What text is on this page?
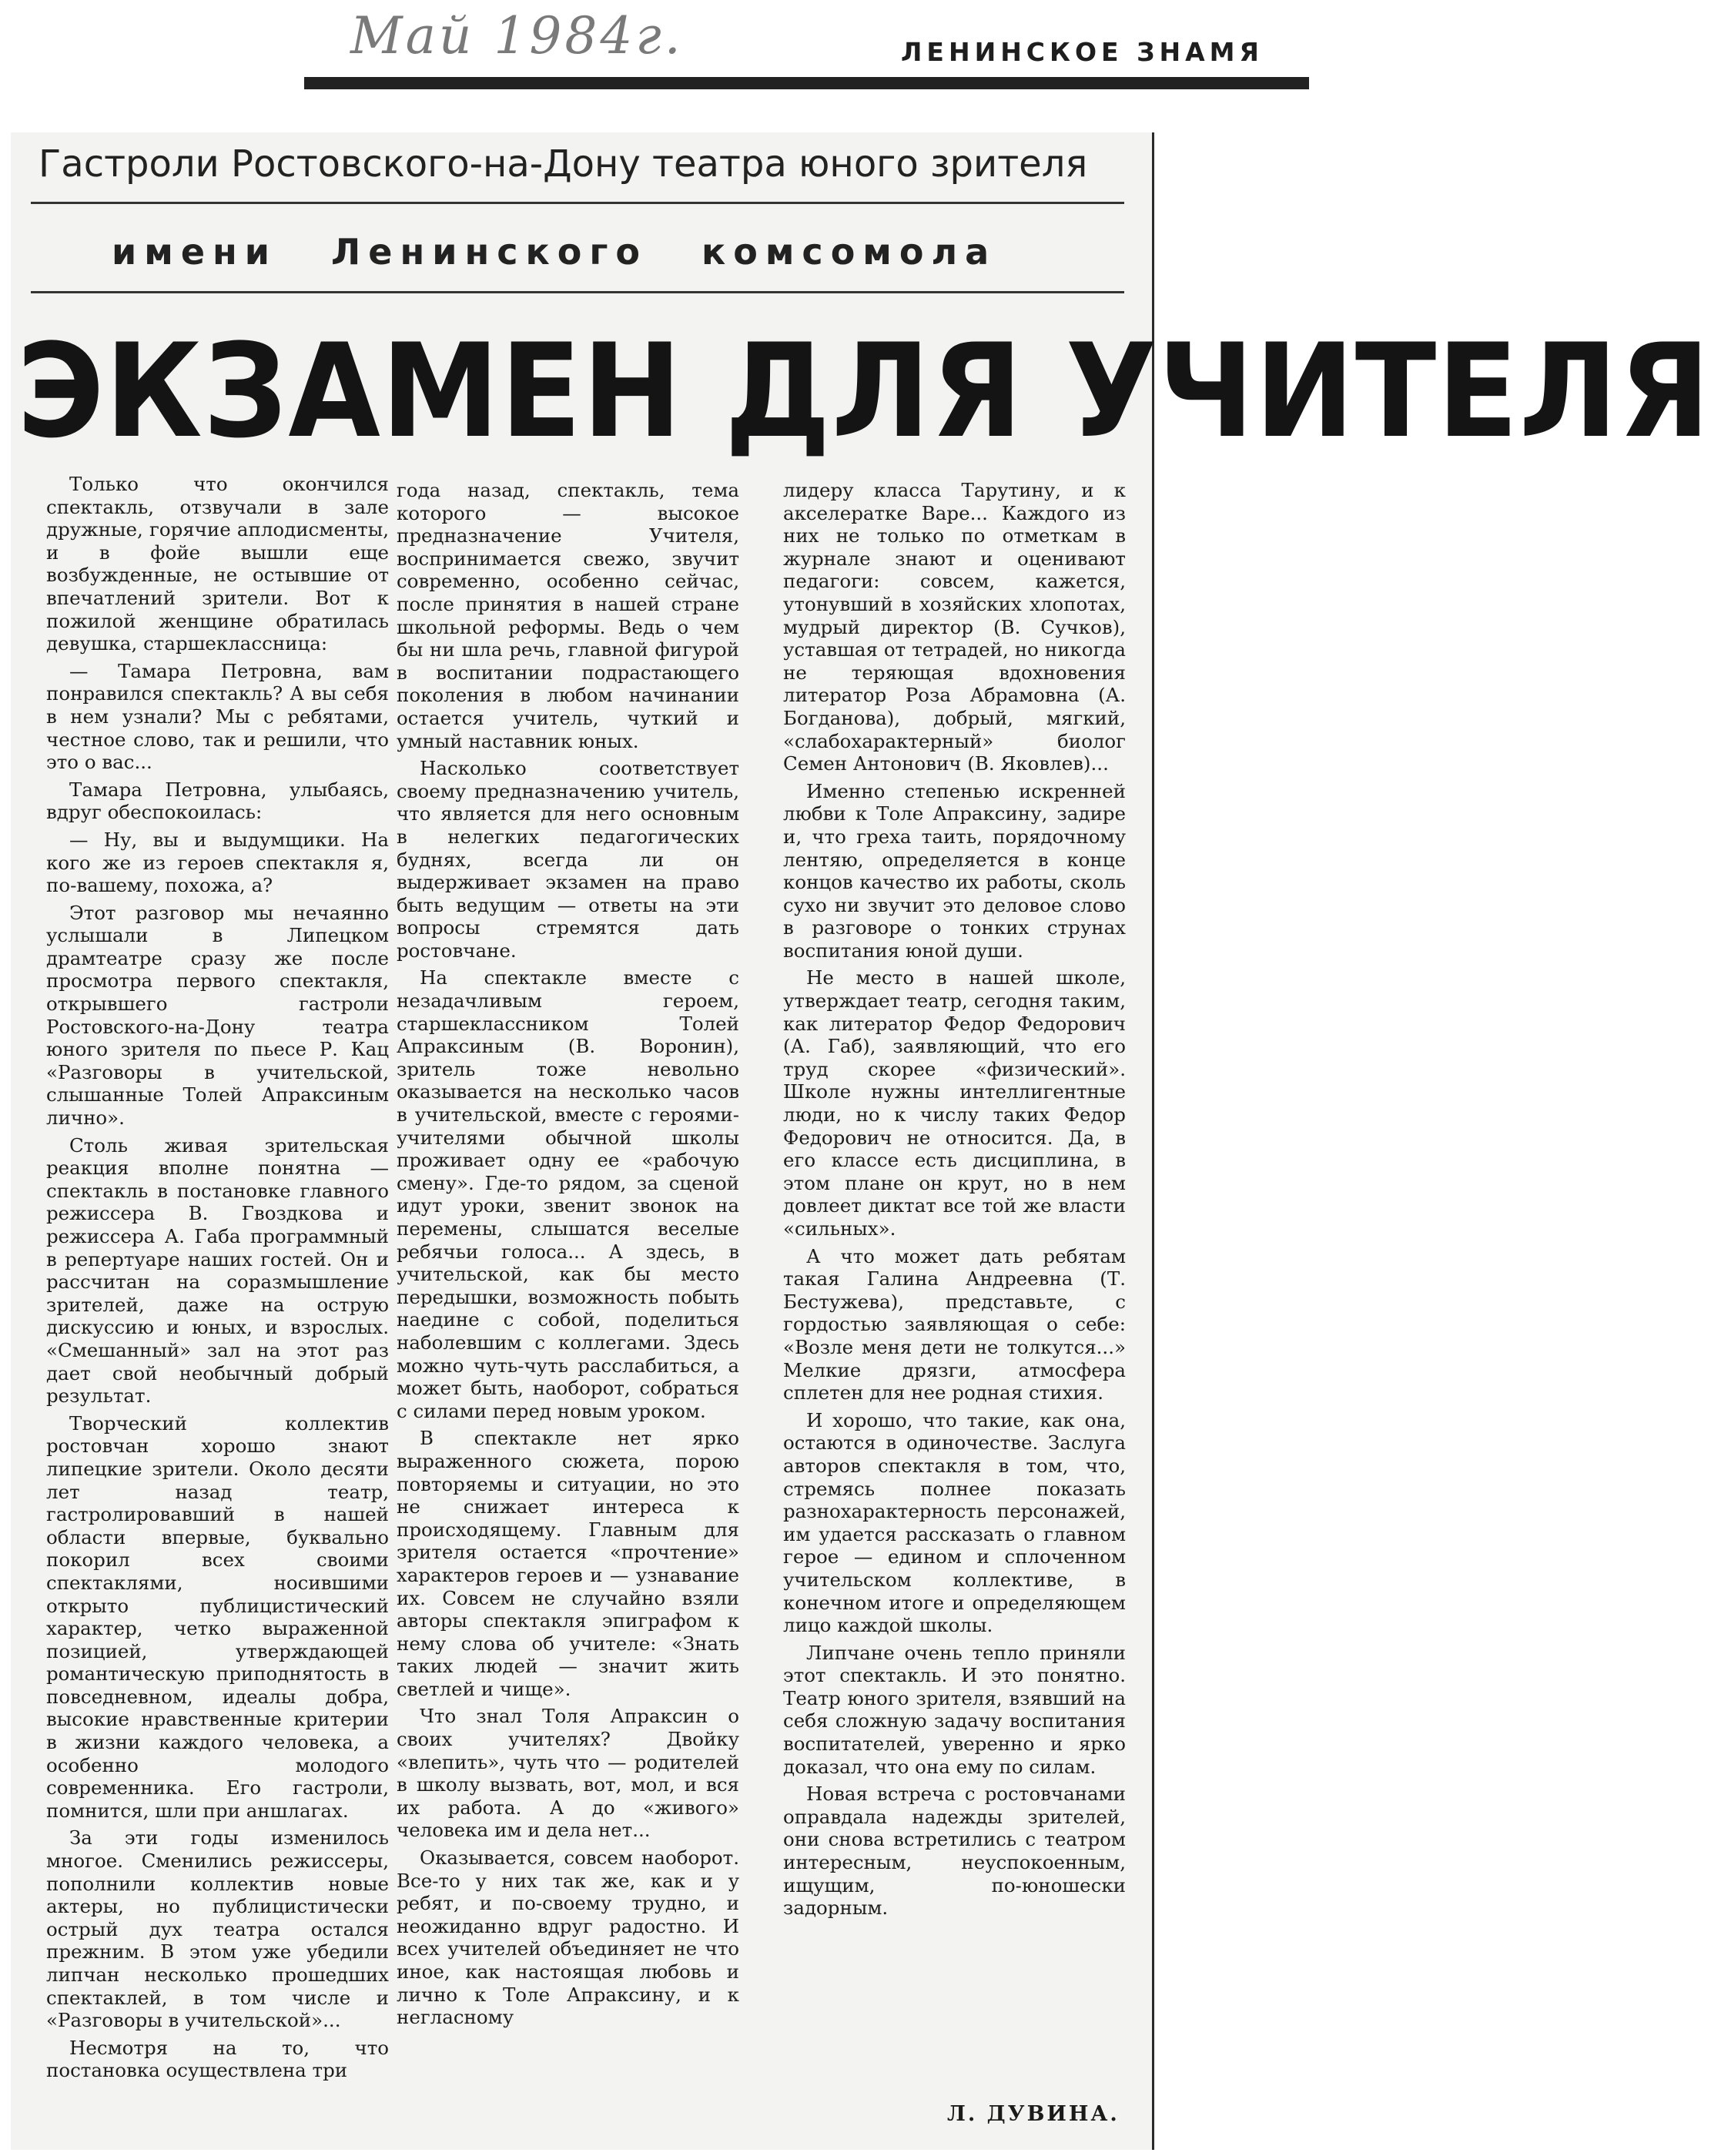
Май 1984г.	ЛЕНИНСКОЕ ЗНАМЯ
Гастроли Ростовского-на-Дону театра юного зрителя
имени Ленинского комсомола
ЭКЗАМЕН ДЛЯ УЧИТЕЛЯ

Только что окончился спектакль, отзвучали в зале дружные, горячие аплодисменты, и в фойе вышли еще возбужденные, не остывшие от впечатлений зрители. Вот к пожилой женщине обратилась девушка, старшеклассница:

— Тамара Петровна, вам понравился спектакль? А вы себя в нем узнали? Мы с ребятами, честное слово, так и решили, что это о вас...

Тамара Петровна, улыбаясь, вдруг обеспокоилась:

— Ну, вы и выдумщики. На кого же из героев спектакля я, по-вашему, похожа, а?

Этот разговор мы нечаянно услышали в Липецком драмтеатре сразу же после просмотра первого спектакля, открывшего гастроли Ростовского-на-Дону театра юного зрителя по пьесе Р. Кац «Разговоры в учительской, слышанные Толей Апраксиным лично».

Столь живая зрительская реакция вполне понятна — спектакль в постановке главного режиссера В. Гвоздкова и режиссера А. Габа программный в репертуаре наших гостей. Он и рассчитан на соразмышление зрителей, даже на острую дискуссию и юных, и взрослых. «Смешанный» зал на этот раз дает свой необычный добрый результат.

Творческий коллектив ростовчан хорошо знают липецкие зрители. Около десяти лет назад театр, гастролировавший в нашей области впервые, буквально покорил всех своими спектаклями, носившими открыто публицистический характер, четко выраженной позицией, утверждающей романтическую приподнятость в повседневном, идеалы добра, высокие нравственные критерии в жизни каждого человека, а особенно молодого современника. Его гастроли, помнится, шли при аншлагах.

За эти годы изменилось многое. Сменились режиссеры, пополнили коллектив новые актеры, но публицистически острый дух театра остался прежним. В этом уже убедили липчан несколько прошедших спектаклей, в том числе и «Разговоры в учительской»...

Несмотря на то, что постановка осуществлена три

года назад, спектакль, тема которого — высокое предназначение Учителя, воспринимается свежо, звучит современно, особенно сейчас, после принятия в нашей стране школьной реформы. Ведь о чем бы ни шла речь, главной фигурой в воспитании подрастающего поколения в любом начинании остается учитель, чуткий и умный наставник юных.

Насколько соответствует своему предназначению учитель, что является для него основным в нелегких педагогических буднях, всегда ли он выдерживает экзамен на право быть ведущим — ответы на эти вопросы стремятся дать ростовчане.

На спектакле вместе с незадачливым героем, старшеклассником Толей Апраксиным (В. Воронин), зритель тоже невольно оказывается на несколько часов в учительской, вместе с героями-учителями обычной школы проживает одну ее «рабочую смену». Где-то рядом, за сценой идут уроки, звенит звонок на перемены, слышатся веселые ребячьи голоса... А здесь, в учительской, как бы место передышки, возможность побыть наедине с собой, поделиться наболевшим с коллегами. Здесь можно чуть-чуть расслабиться, а может быть, наоборот, собраться с силами перед новым уроком.

В спектакле нет ярко выраженного сюжета, порою повторяемы и ситуации, но это не снижает интереса к происходящему. Главным для зрителя остается «прочтение» характеров героев и — узнавание их. Совсем не случайно взяли авторы спектакля эпиграфом к нему слова об учителе: «Знать таких людей — значит жить светлей и чище».

Что знал Толя Апраксин о своих учителях? Двойку «влепить», чуть что — родителей в школу вызвать, вот, мол, и вся их работа. А до «живого» человека им и дела нет...

Оказывается, совсем наоборот. Все-то у них так же, как и у ребят, и по-своему трудно, и неожиданно вдруг радостно. И всех учителей объединяет не что иное, как настоящая любовь и лично к Толе Апраксину, и к негласному

лидеру класса Тарутину, и к акселератке Варе... Каждого из них не только по отметкам в журнале знают и оценивают педагоги: совсем, кажется, утонувший в хозяйских хлопотах, мудрый директор (В. Сучков), уставшая от тетрадей, но никогда не теряющая вдохновения литератор Роза Абрамовна (А. Богданова), добрый, мягкий, «слабохарактерный» биолог Семен Антонович (В. Яковлев)...

Именно степенью искренней любви к Толе Апраксину, задире и, что греха таить, порядочному лентяю, определяется в конце концов качество их работы, сколь сухо ни звучит это деловое слово в разговоре о тонких струнах воспитания юной души.

Не место в нашей школе, утверждает театр, сегодня таким, как литератор Федор Федорович (А. Габ), заявляющий, что его труд скорее «физический». Школе нужны интеллигентные люди, но к числу таких Федор Федорович не относится. Да, в его классе есть дисциплина, в этом плане он крут, но в нем довлеет диктат все той же власти «сильных».

А что может дать ребятам такая Галина Андреевна (Т. Бестужева), представьте, с гордостью заявляющая о себе: «Возле меня дети не толкутся...» Мелкие дрязги, атмосфера сплетен для нее родная стихия.

И хорошо, что такие, как она, остаются в одиночестве. Заслуга авторов спектакля в том, что, стремясь полнее показать разнохарактерность персонажей, им удается рассказать о главном герое — едином и сплоченном учительском коллективе, в конечном итоге и определяющем лицо каждой школы.

Липчане очень тепло приняли этот спектакль. И это понятно. Театр юного зрителя, взявший на себя сложную задачу воспитания воспитателей, уверенно и ярко доказал, что она ему по силам.

Новая встреча с ростовчанами оправдала надежды зрителей, они снова встретились с театром интересным, неуспокоенным, ищущим, по-юношески задорным.

Л. ДУВИНА.
